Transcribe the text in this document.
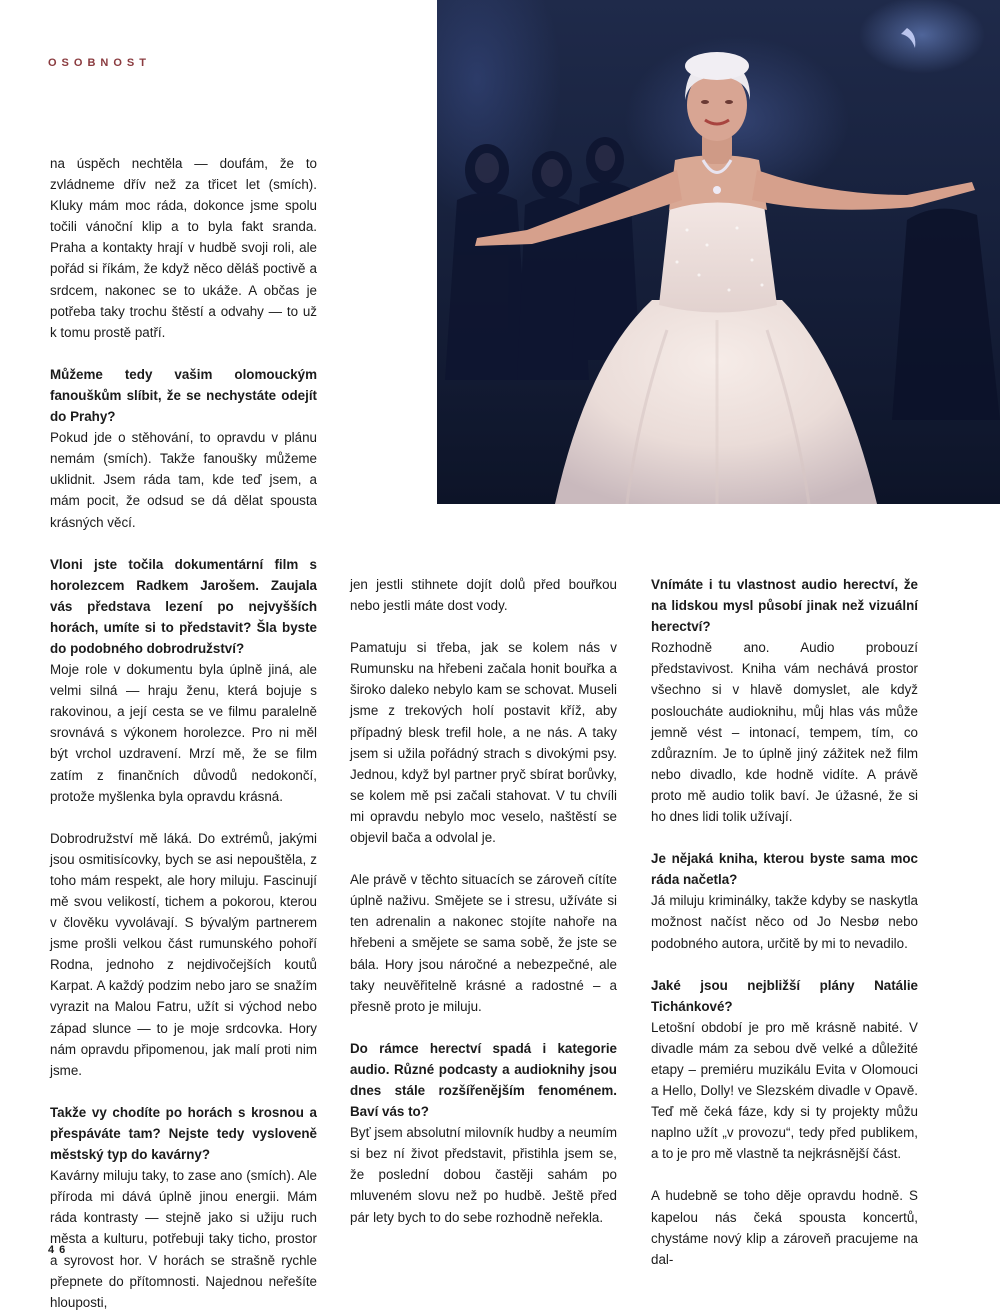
OSOBNOST

na úspěch nechtěla — doufám, že to zvládneme dřív než za třicet let (smích). Kluky mám moc ráda, dokonce jsme spolu točili vánoční klip a to byla fakt sranda. Praha a kontakty hrají v hudbě svoji roli, ale pořád si říkám, že když něco děláš poctivě a srdcem, nakonec se to ukáže. A občas je potřeba taky trochu štěstí a odvahy — to už k tomu prostě patří.

Můžeme tedy vašim olomouckým fanouškům slíbit, že se nechystáte odejít do Prahy?
Pokud jde o stěhování, to opravdu v plánu nemám (smích). Takže fanoušky můžeme uklidnit. Jsem ráda tam, kde teď jsem, a mám pocit, že odsud se dá dělat spousta krásných věcí.

Vloni jste točila dokumentární film s horolezcem Radkem Jarošem. Zaujala vás představa lezení po nejvyšších horách, umíte si to představit? Šla byste do podobného dobrodružství?
Moje role v dokumentu byla úplně jiná, ale velmi silná — hraju ženu, která bojuje s rakovinou, a její cesta se ve filmu paralelně srovnává s výkonem horolezce. Pro ni měl být vrchol uzdravení. Mrzí mě, že se film zatím z finančních důvodů nedokončí, protože myšlenka byla opravdu krásná.

Dobrodružství mě láká. Do extrémů, jakými jsou osmitisícovky, bych se asi nepouštěla, z toho mám respekt, ale hory miluju. Fascinují mě svou velikostí, tichem a pokorou, kterou v člověku vyvolávají. S bývalým partnerem jsme prošli velkou část rumunského pohoří Rodna, jednoho z nejdivočejších koutů Karpat. A každý podzim nebo jaro se snažím vyrazit na Malou Fatru, užít si východ nebo západ slunce — to je moje srdcovka. Hory nám opravdu připomenou, jak malí proti nim jsme.

Takže vy chodíte po horách s krosnou a přespáváte tam? Nejste tedy vysloveně městský typ do kavárny?
Kavárny miluju taky, to zase ano (smích). Ale příroda mi dává úplně jinou energii. Mám ráda kontrasty — stejně jako si užiju ruch města a kulturu, potřebuji taky ticho, prostor a syrovost hor. V horách se strašně rychle přepnete do přítomnosti. Najednou neřešíte hlouposti,

jen jestli stihnete dojít dolů před bouřkou nebo jestli máte dost vody.

Pamatuju si třeba, jak se kolem nás v Rumunsku na hřebeni začala honit bouřka a široko daleko nebylo kam se schovat. Museli jsme z trekových holí postavit kříž, aby případný blesk trefil hole, a ne nás. A taky jsem si užila pořádný strach s divokými psy. Jednou, když byl partner pryč sbírat borůvky, se kolem mě psi začali stahovat. V tu chvíli mi opravdu nebylo moc veselo, naštěstí se objevil bača a odvolal je.

Ale právě v těchto situacích se zároveň cítíte úplně naživu. Smějete se i stresu, užíváte si ten adrenalin a nakonec stojíte nahoře na hřebeni a smějete se sama sobě, že jste se bála. Hory jsou náročné a nebezpečné, ale taky neuvěřitelně krásné a radostné – a přesně proto je miluju.

Do rámce herectví spadá i kategorie audio. Různé podcasty a audioknihy jsou dnes stále rozšířenějším fenoménem. Baví vás to?
Byť jsem absolutní milovník hudby a neumím si bez ní život představit, přistihla jsem se, že poslední dobou častěji sahám po mluveném slovu než po hudbě. Ještě před pár lety bych to do sebe rozhodně neřekla.

Vnímáte i tu vlastnost audio herectví, že na lidskou mysl působí jinak než vizuální herectví?
Rozhodně ano. Audio probouzí představivost. Kniha vám nechává prostor všechno si v hlavě domyslet, ale když posloucháte audioknihu, můj hlas vás může jemně vést – intonací, tempem, tím, co zdůrazním. Je to úplně jiný zážitek než film nebo divadlo, kde hodně vidíte. A právě proto mě audio tolik baví. Je úžasné, že si ho dnes lidi tolik užívají.

Je nějaká kniha, kterou byste sama moc ráda načetla?
Já miluju kriminálky, takže kdyby se naskytla možnost načíst něco od Jo Nesbø nebo podobného autora, určitě by mi to nevadilo.

Jaké jsou nejbližší plány Natálie Tichánkové?
Letošní období je pro mě krásně nabité. V divadle mám za sebou dvě velké a důležité etapy – premiéru muzikálu Evita v Olomouci a Hello, Dolly! ve Slezském divadle v Opavě. Teď mě čeká fáze, kdy si ty projekty můžu naplno užít „v provozu“, tedy před publikem, a to je pro mě vlastně ta nejkrásnější část.

A hudebně se toho děje opravdu hodně. S kapelou nás čeká spousta koncertů, chystáme nový klip a zároveň pracujeme na dal-

46
